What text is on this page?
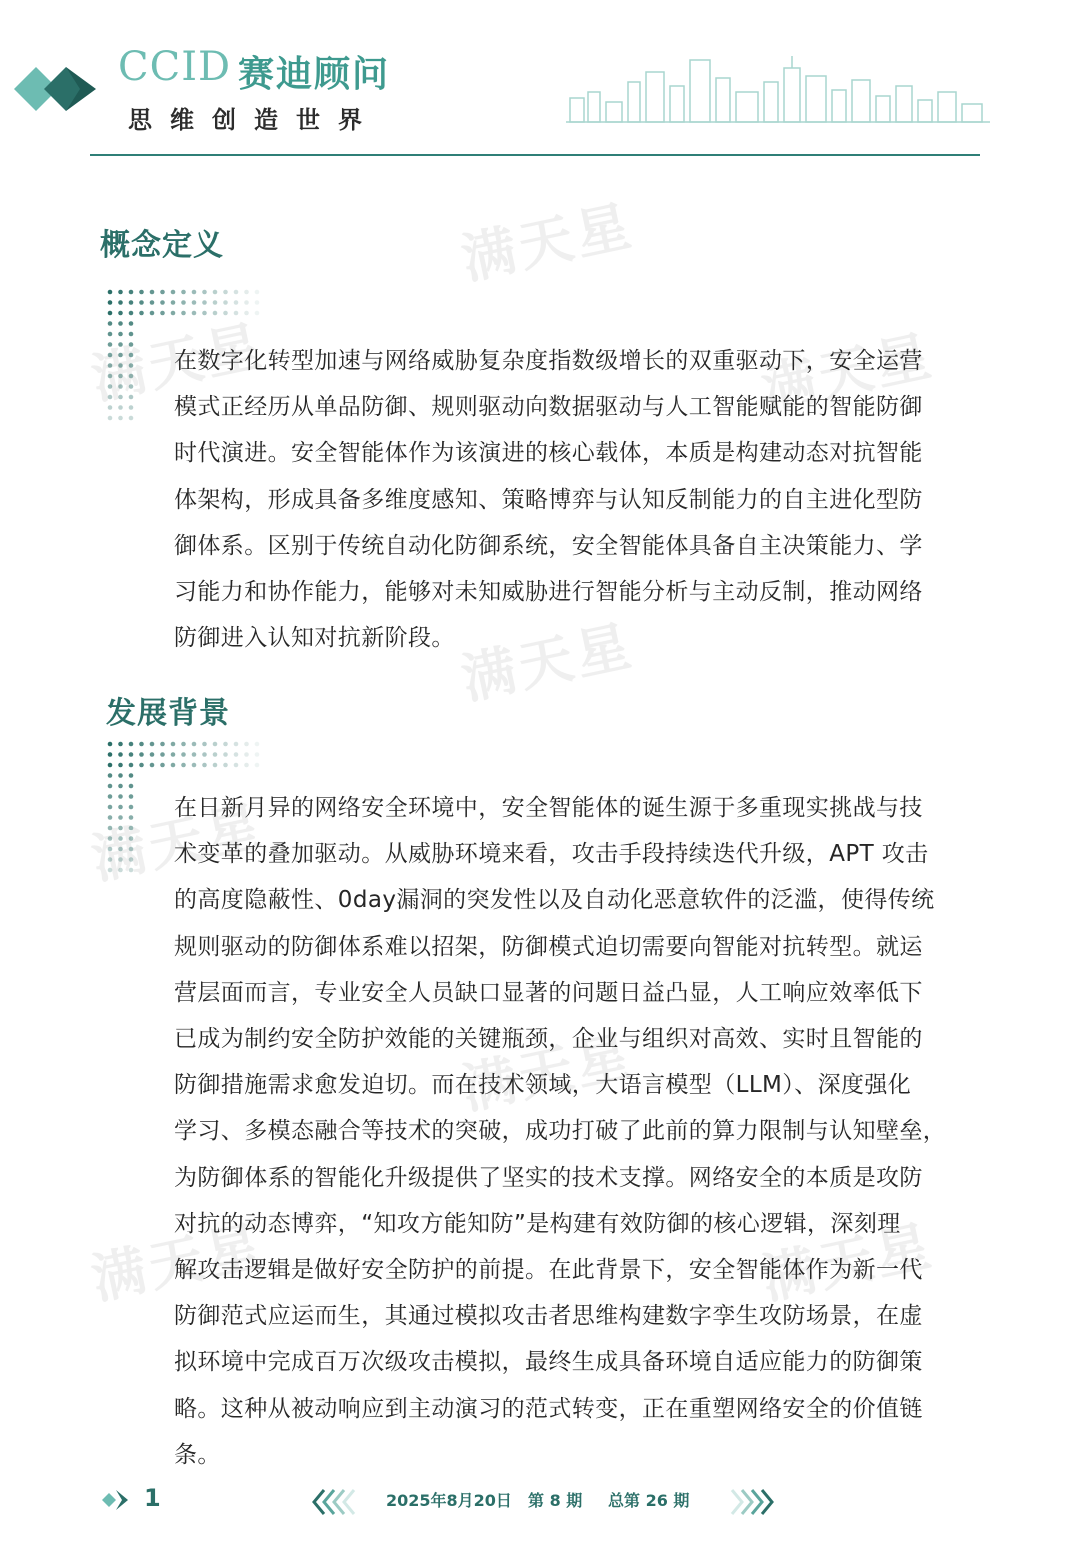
CCID 赛迪顾问
思维创造世界
满天星
满天星
满天星
满天星
满天星
满天星
满天星	满天星
概念定义
在数字化转型加速与网络威胁复杂度指数级增长的双重驱动下，安全运营
模式正经历从单品防御、规则驱动向数据驱动与人工智能赋能的智能防御
时代演进。安全智能体作为该演进的核心载体，本质是构建动态对抗智能
体架构，形成具备多维度感知、策略博弈与认知反制能力的自主进化型防
御体系。区别于传统自动化防御系统，安全智能体具备自主决策能力、学
习能力和协作能力，能够对未知威胁进行智能分析与主动反制，推动网络
防御进入认知对抗新阶段。
发展背景
在日新月异的网络安全环境中，安全智能体的诞生源于多重现实挑战与技
术变革的叠加驱动。从威胁环境来看，攻击手段持续迭代升级，APT 攻击
的高度隐蔽性、0day漏洞的突发性以及自动化恶意软件的泛滥，使得传统
规则驱动的防御体系难以招架，防御模式迫切需要向智能对抗转型。就运
营层面而言，专业安全人员缺口显著的问题日益凸显，人工响应效率低下
已成为制约安全防护效能的关键瓶颈，企业与组织对高效、实时且智能的
防御措施需求愈发迫切。而在技术领域，大语言模型（LLM）、深度强化
学习、多模态融合等技术的突破，成功打破了此前的算力限制与认知壁垒，
为防御体系的智能化升级提供了坚实的技术支撑。网络安全的本质是攻防
对抗的动态博弈，“知攻方能知防”是构建有效防御的核心逻辑，深刻理
解攻击逻辑是做好安全防护的前提。在此背景下，安全智能体作为新一代
防御范式应运而生，其通过模拟攻击者思维构建数字孪生攻防场景，在虚
拟环境中完成百万次级攻击模拟，最终生成具备环境自适应能力的防御策
略。这种从被动响应到主动演习的范式转变，正在重塑网络安全的价值链
条。
1	2025年8月20日 第 8 期 总第 26 期
